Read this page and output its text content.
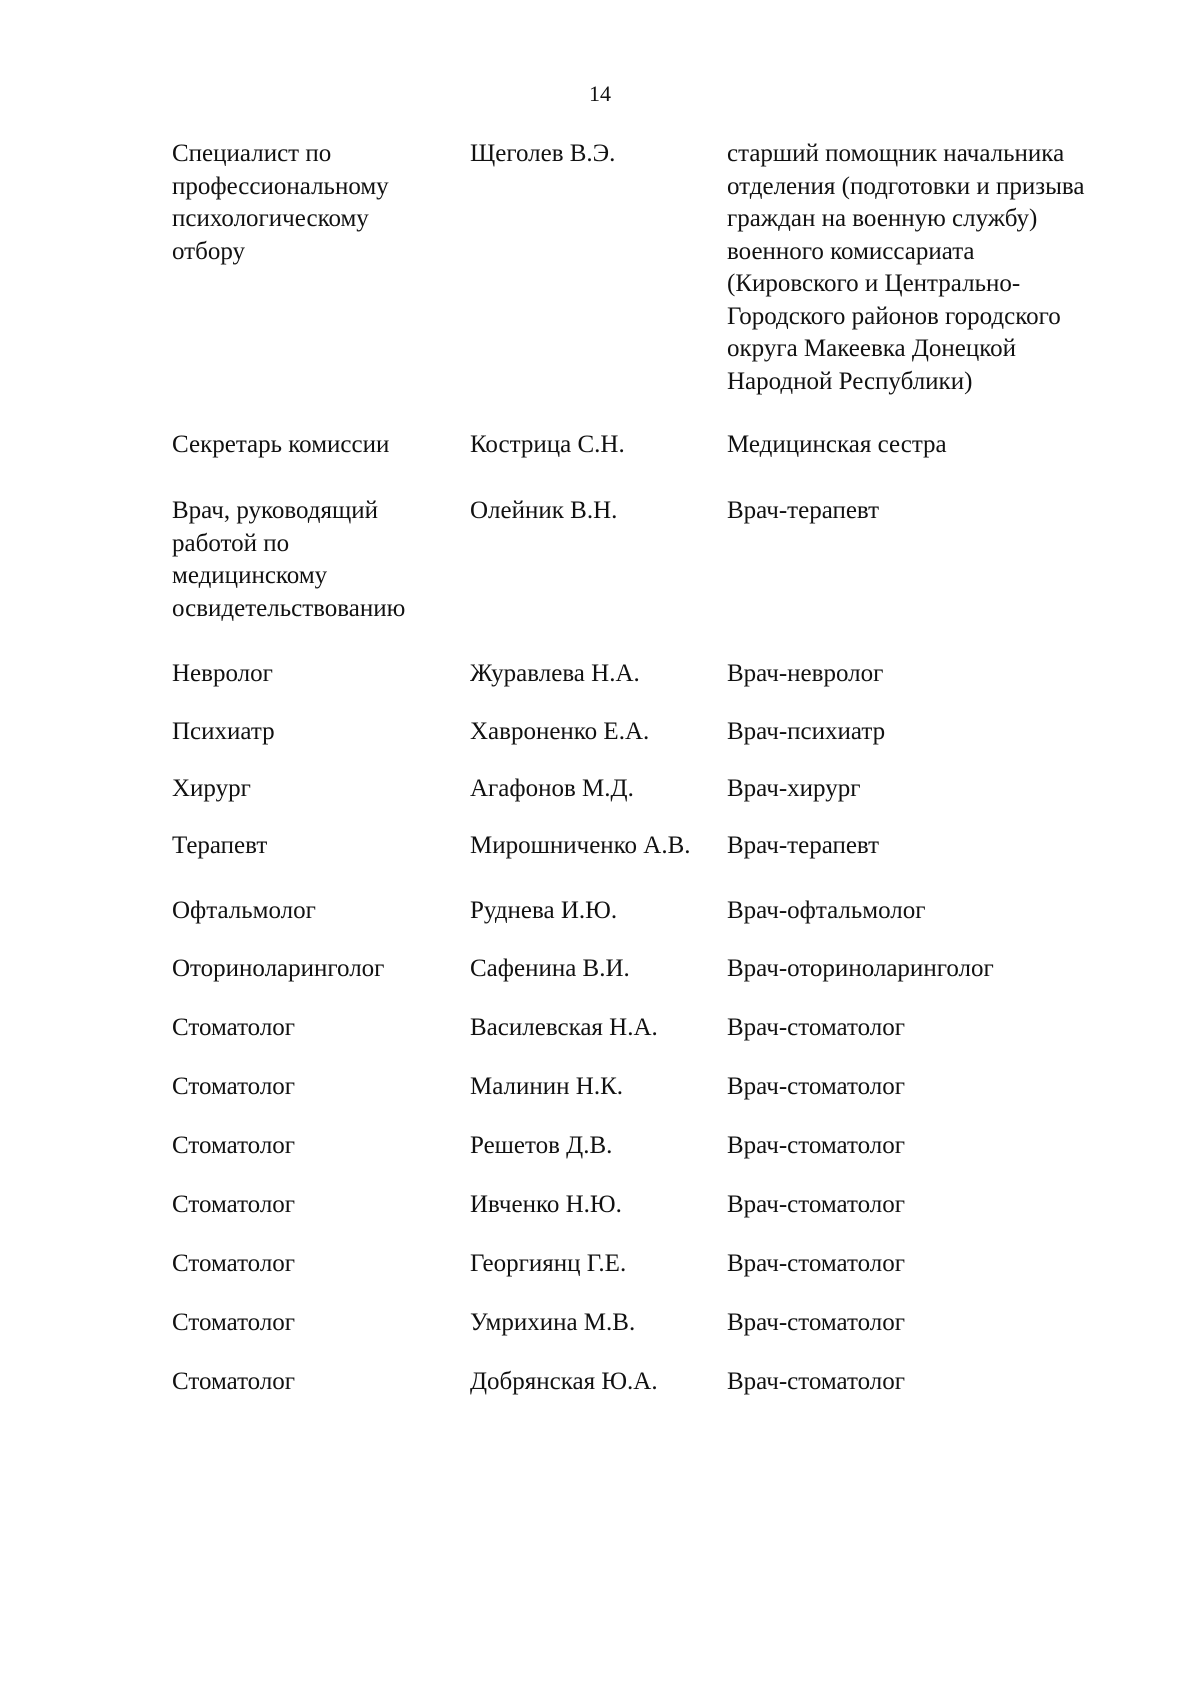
14
Специалист по
профессиональному
психологическому
отбору
Щеголев В.Э.	старший помощник начальника
отделения (подготовки и призыва
граждан на военную службу)
военного комиссариата
(Кировского и Центрально-
Городского районов городского
округа Макеевка Донецкой
Народной Республики)
Секретарь комиссии	Кострица С.Н.	Медицинская сестра
Врач, руководящий
работой по
медицинскому
освидетельствованию
Олейник В.Н.	Врач-терапевт
Невролог	Журавлева Н.А.	Врач-невролог
Психиатр	Хавроненко Е.А.	Врач-психиатр
Хирург	Агафонов М.Д.	Врач-хирург
Терапевт	Мирошниченко А.В.	Врач-терапевт
Офтальмолог	Руднева И.Ю.	Врач-офтальмолог
Оториноларинголог	Сафенина В.И.	Врач-оториноларинголог
Стоматолог	Василевская Н.А.	Врач-стоматолог
Стоматолог	Малинин Н.К.	Врач-стоматолог
Стоматолог	Решетов Д.В.	Врач-стоматолог
Стоматолог	Ивченко Н.Ю.	Врач-стоматолог
Стоматолог	Георгиянц Г.Е.	Врач-стоматолог
Стоматолог	Умрихина М.В.	Врач-стоматолог
Стоматолог	Добрянская Ю.А.	Врач-стоматолог
